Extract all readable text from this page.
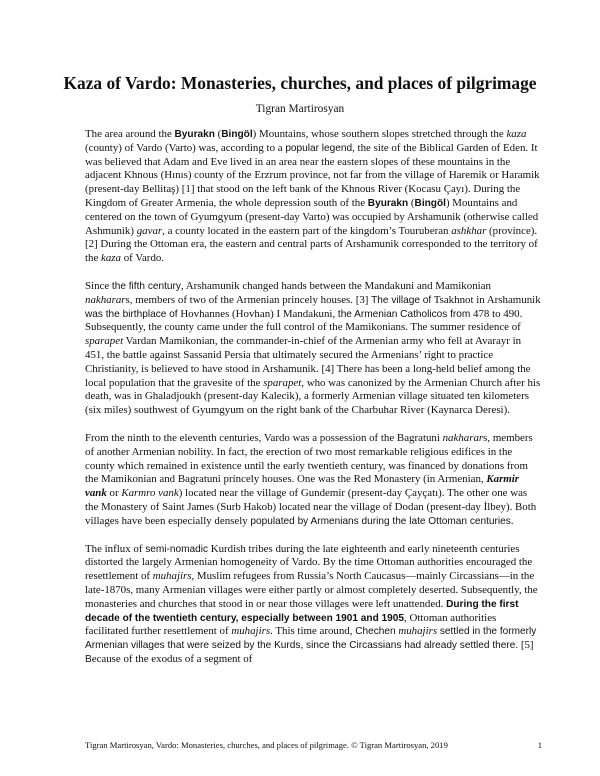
Kaza of Vardo: Monasteries, churches, and places of pilgrimage
Tigran Martirosyan

The area around the Byurakn (Bingöl) Mountains, whose southern slopes stretched through the kaza (county) of Vardo (Varto) was, according to a popular legend, the site of the Biblical Garden of Eden. It was believed that Adam and Eve lived in an area near the eastern slopes of these mountains in the adjacent Khnous (Hınıs) county of the Erzrum province, not far from the village of Haremik or Haramik (present-day Bellitaş) [1] that stood on the left bank of the Khnous River (Kocasu Çayı). During the Kingdom of Greater Armenia, the whole depression south of the Byurakn (Bingöl) Mountains and centered on the town of Gyumgyum (present-day Varto) was occupied by Arshamunik (otherwise called Ashmunik) gavar, a county located in the eastern part of the kingdom’s Touruberan ashkhar (province). [2] During the Ottoman era, the eastern and central parts of Arshamunik corresponded to the territory of the kaza of Vardo.

Since the fifth century, Arshamunik changed hands between the Mandakuni and Mamikonian nakharars, members of two of the Armenian princely houses. [3] The village of Tsakhnot in Arshamunik was the birthplace of Hovhannes (Hovhan) I Mandakuni, the Armenian Catholicos from 478 to 490. Subsequently, the county came under the full control of the Mamikonians. The summer residence of sparapet Vardan Mamikonian, the commander-in-chief of the Armenian army who fell at Avarayr in 451, the battle against Sassanid Persia that ultimately secured the Armenians’ right to practice Christianity, is believed to have stood in Arshamunik. [4] There has been a long-held belief among the local population that the gravesite of the sparapet, who was canonized by the Armenian Church after his death, was in Ghaladjoukh (present-day Kalecik), a formerly Armenian village situated ten kilometers (six miles) southwest of Gyumgyum on the right bank of the Charbuhar River (Kaynarca Deresi).

From the ninth to the eleventh centuries, Vardo was a possession of the Bagratuni nakharars, members of another Armenian nobility. In fact, the erection of two most remarkable religious edifices in the county which remained in existence until the early twentieth century, was financed by donations from the Mamikonian and Bagratuni princely houses. One was the Red Monastery (in Armenian, Karmir vank or Karmro vank) located near the village of Gundemir (present-day Çayçatı). The other one was the Monastery of Saint James (Surb Hakob) located near the village of Dodan (present-day İlbey). Both villages have been especially densely populated by Armenians during the late Ottoman centuries.

The influx of semi-nomadic Kurdish tribes during the late eighteenth and early nineteenth centuries distorted the largely Armenian homogeneity of Vardo. By the time Ottoman authorities encouraged the resettlement of muhajirs, Muslim refugees from Russia’s North Caucasus—mainly Circassians—in the late-1870s, many Armenian villages were either partly or almost completely deserted. Subsequently, the monasteries and churches that stood in or near those villages were left unattended. During the first decade of the twentieth century, especially between 1901 and 1905, Ottoman authorities facilitated further resettlement of muhajirs. This time around, Chechen muhajirs settled in the formerly Armenian villages that were seized by the Kurds, since the Circassians had already settled there. [5] Because of the exodus of a segment of

Tigran Martirosyan, Vardo: Monasteries, churches, and places of pilgrimage. © Tigran Martirosyan, 2019	1
